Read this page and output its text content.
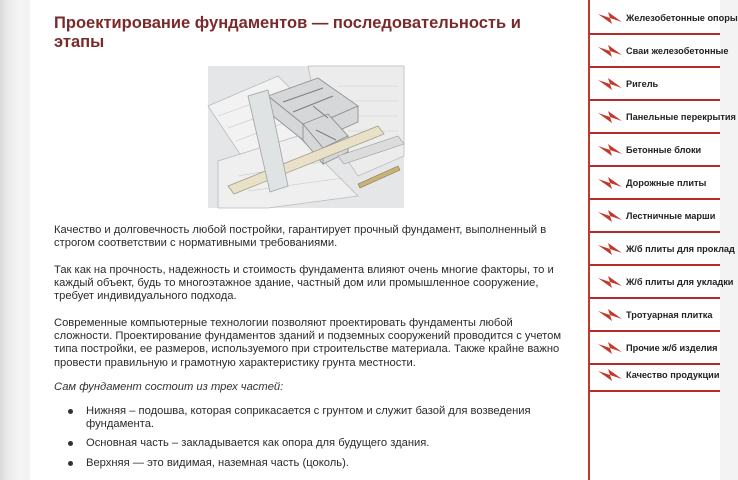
Проектирование фундаментов — последовательность и этапы

Качество и долговечность любой постройки, гарантирует прочный фундамент, выполненный в строгом соответствии с нормативными требованиями.

Так как на прочность, надежность и стоимость фундамента влияют очень многие факторы, то и каждый объект, будь то многоэтажное здание, частный дом или промышленное сооружение, требует индивидуального подхода.

Современные компьютерные технологии позволяют проектировать фундаменты любой сложности. Проектирование фундаментов зданий и подземных сооружений проводится с учетом типа постройки, ее размеров, используемого при строительстве материала. Также крайне важно провести правильную и грамотную характеристику грунта местности.

Сам фундамент состоит из трех частей:

Нижняя – подошва, которая соприкасается с грунтом и служит базой для возведения фундамента.
Основная часть – закладывается как опора для будущего здания.
Верхняя — это видимая, наземная часть (цоколь).
Железобетонные опоры
Сваи железобетонные
Ригель
Панельные перекрытия
Бетонные блоки
Дорожные плиты
Лестничные марши
Ж/б плиты для проклад
Ж/б плиты для укладки
Тротуарная плитка
Прочие ж/б изделия
Качество продукции
